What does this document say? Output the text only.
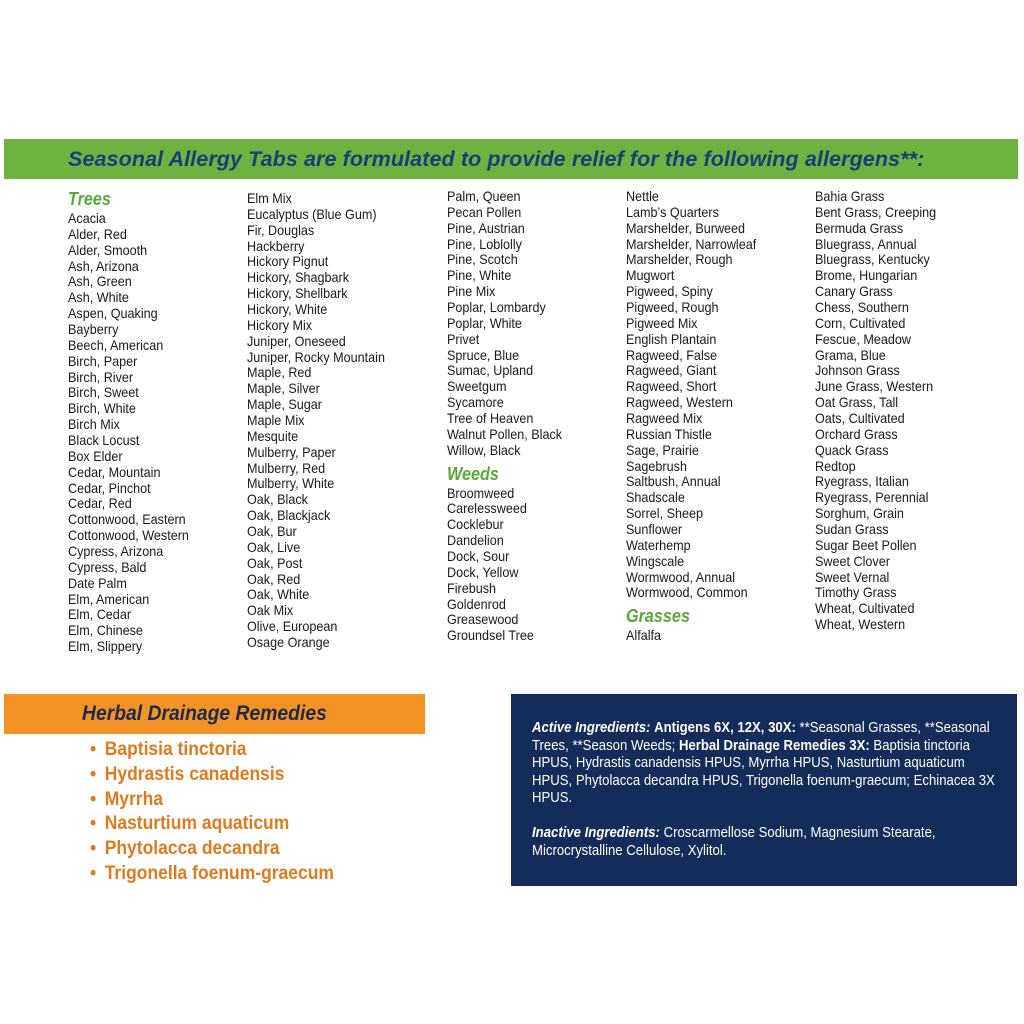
Seasonal Allergy Tabs are formulated to provide relief for the following allergens**:
Trees
Acacia
Alder, Red
Alder, Smooth
Ash, Arizona
Ash, Green
Ash, White
Aspen, Quaking
Bayberry
Beech, American
Birch, Paper
Birch, River
Birch, Sweet
Birch, White
Birch Mix
Black Locust
Box Elder
Cedar, Mountain
Cedar, Pinchot
Cedar, Red
Cottonwood, Eastern
Cottonwood, Western
Cypress, Arizona
Cypress, Bald
Date Palm
Elm, American
Elm, Cedar
Elm, Chinese
Elm, Slippery
Elm Mix
Eucalyptus (Blue Gum)
Fir, Douglas
Hackberry
Hickory Pignut
Hickory, Shagbark
Hickory, Shellbark
Hickory, White
Hickory Mix
Juniper, Oneseed
Juniper, Rocky Mountain
Maple, Red
Maple, Silver
Maple, Sugar
Maple Mix
Mesquite
Mulberry, Paper
Mulberry, Red
Mulberry, White
Oak, Black
Oak, Blackjack
Oak, Bur
Oak, Live
Oak, Post
Oak, Red
Oak, White
Oak Mix
Olive, European
Osage Orange
Palm, Queen
Pecan Pollen
Pine, Austrian
Pine, Loblolly
Pine, Scotch
Pine, White
Pine Mix
Poplar, Lombardy
Poplar, White
Privet
Spruce, Blue
Sumac, Upland
Sweetgum
Sycamore
Tree of Heaven
Walnut Pollen, Black
Willow, Black
Weeds
Broomweed
Carelessweed
Cocklebur
Dandelion
Dock, Sour
Dock, Yellow
Firebush
Goldenrod
Greasewood
Groundsel Tree
Nettle
Lamb’s Quarters
Marshelder, Burweed
Marshelder, Narrowleaf
Marshelder, Rough
Mugwort
Pigweed, Spiny
Pigweed, Rough
Pigweed Mix
English Plantain
Ragweed, False
Ragweed, Giant
Ragweed, Short
Ragweed, Western
Ragweed Mix
Russian Thistle
Sage, Prairie
Sagebrush
Saltbush, Annual
Shadscale
Sorrel, Sheep
Sunflower
Waterhemp
Wingscale
Wormwood, Annual
Wormwood, Common
Grasses
Alfalfa
Bahia Grass
Bent Grass, Creeping
Bermuda Grass
Bluegrass, Annual
Bluegrass, Kentucky
Brome, Hungarian
Canary Grass
Chess, Southern
Corn, Cultivated
Fescue, Meadow
Grama, Blue
Johnson Grass
June Grass, Western
Oat Grass, Tall
Oats, Cultivated
Orchard Grass
Quack Grass
Redtop
Ryegrass, Italian
Ryegrass, Perennial
Sorghum, Grain
Sudan Grass
Sugar Beet Pollen
Sweet Clover
Sweet Vernal
Timothy Grass
Wheat, Cultivated
Wheat, Western
Herbal Drainage Remedies
• Baptisia tinctoria
• Hydrastis canadensis
• Myrrha
• Nasturtium aquaticum
• Phytolacca decandra
• Trigonella foenum-graecum

Active Ingredients: Antigens 6X, 12X, 30X: **Seasonal Grasses, **Seasonal Trees, **Season Weeds; Herbal Drainage Remedies 3X: Baptisia tinctoria HPUS, Hydrastis canadensis HPUS, Myrrha HPUS, Nasturtium aquaticum HPUS, Phytolacca decandra HPUS, Trigonella foenum-graecum; Echinacea 3X HPUS.

Inactive Ingredients: Croscarmellose Sodium, Magnesium Stearate, Microcrystalline Cellulose, Xylitol.
